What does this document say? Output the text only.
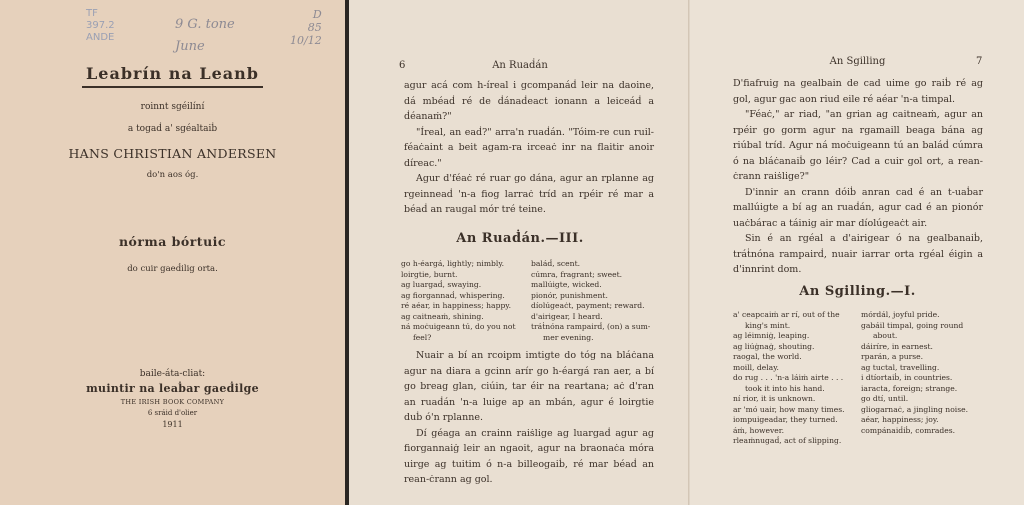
TF
397.2
ANDE
9 G. tone
June
D
85
10/12
Leabrín na Leanb
roinnt sgéilíní
a togaḋ a' sgéaltaiḃ
HANS CHRISTIAN ANDERSEN
do'n aos óg.
nórma bórtuic
do cuir gaeḋilig orta.
baile-áta-cliat:
muintir na leaḃar gaeḋilge
THE IRISH BOOK COMPANY
6 sráid d'olier
1911
6	An Ruaḋán

agur acá com h-íreal i gcompanáḋ leir na daoine, dá mbéaḋ ré de ḋánaḋeact ionann a leiceáḋ a ḋéanaṁ?"

"Íreal, an eaḋ?" arra'n ruaḋán. "Tóim-re cun ruil-féaċaint a beit agam-ra irceaċ inr na flaitir anoir díreac."

Agur d'féaċ ré ruar go dána, agur an rplanne ag rgeinneaḋ 'n-a fiog larraċ tríd an rpéir ré mar a béaḋ an raugal mór tré teine.

An Ruaḋán.—III.
go h-éargá, lightly; nimbly.
loirgtie, burnt.
ag luargaḋ, swaying.
ag fiorgannaḋ, whispering.
ré aéar, in happiness; happy.
ag caitneaṁ, shining.
ná moċuigeann tú, do you not
feel?
baláḋ, scent.
cúmra, fragrant; sweet.
mallúigte, wicked.
pionór, punishment.
díolúgeaċt, payment; reward.
d'airigear, I heard.
tráṫnóna rampairḋ, (on) a sum-
mer evening.

Nuair a bí an rcoipm imtigte do tóg na bláċana agur na diara a gcinn arír go h-éargá ran aer, a bí go breag glan, ciúin, tar éir na reartana; aċ d'ran an ruaḋán 'n-a luige ap an mbán, agur é loirgtie duḃ ó'n rplanne.

Dí géaga an crainn raiṡlige ag luargaḋ agur ag fiorgannaiġ leir an ngaoit, agur na braonaċa móra uirge ag tuitim ó n-a billeogaiḃ, ré mar béaḋ an rean-ċrann ag gol.

An Sgilling	7

D'fiafruig na gealbain de cad uime go raiḃ ré ag gol, agur gac aon riud eile ré aéar 'n-a timpal.

"Féaċ," ar riad, "an grian ag caitneaṁ, agur an rpéir go gorm agur na rgamaill beaga bána ag riúbal tríd. Agur ná moċuigeann tú an baláḋ cúmra ó na bláċanaiḃ go léir? Cad a cuir gol ort, a rean-ċrann raiṡlige?"

D'innir an crann dóiḃ anran cad é an t-uaḃar mallúigte a bí ag an ruaḋán, agur cad é an pionór uaċbárac a táinig air mar díolúgeaċt air.

Sin é an rgéal a d'airigear ó na gealbanaiḃ, tráṫnóna rampairḋ, nuair iarrar orta rgéal éigin a d'innrint dom.

An Sgilling.—I.
a' ceapcaiṁ ar rí, out of the
king's mint.
ag léimniġ, leaping.
ag liúġnaġ, shouting.
raogal, the world.
moill, delay.
do rug . . . 'n-a láiṁ airte . . .
took it into his hand.
ní rior, it is unknown.
ar 'mó uair, how many times.
iompuigeadar, they turned.
áṁ, however.
rleaṁnugaḋ, act of slipping.
mórdál, joyful pride.
gabáil timpal, going round
about.
dáiríre, in earnest.
rparán, a purse.
ag tuctal, travelling.
i dtíortaiḃ, in countries.
iaracta, foreign; strange.
go dtí, until.
gliogarnaċ, a jingling noise.
aéar, happiness; joy.
compánaiḋiḃ, comrades.
